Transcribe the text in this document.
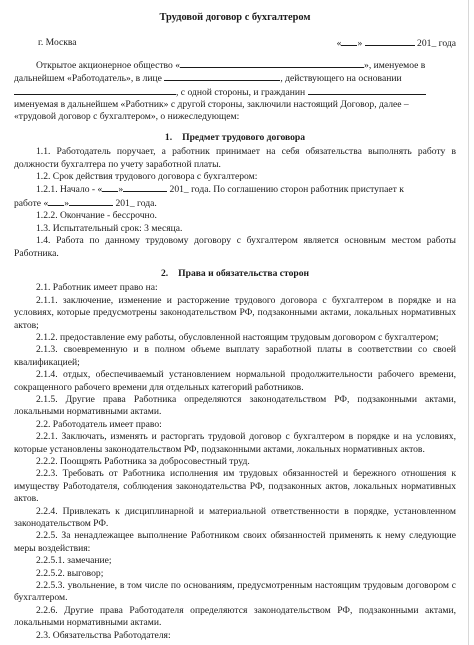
Трудовой договор с бухгалтером
г. Москва	« »	201_ года

Открытое акционерное общество «	», именуемое в

дальнейшем «Работодатель», в лице	, действующего на основании

, с одной стороны, и гражданин

именуемая в дальнейшем «Работник» с другой стороны, заключили настоящий Договор, далее –

«трудовой договор с бухгалтером», о нижеследующем:

1. Предмет трудового договора

1.1. Работодатель поручает, а работник принимает на себя обязательства выполнять работу в должности бухгалтера по учету заработной платы.

1.2. Срок действия трудового договора с бухгалтером:

1.2.1. Начало - « »	201_ года. По соглашению сторон работник приступает к

работе « »	201_ года.

1.2.2. Окончание - бессрочно.

1.3. Испытательный срок: 3 месяца.

1.4. Работа по данному трудовому договору с бухгалтером является основным местом работы Работника.

2. Права и обязательства сторон

2.1. Работник имеет право на:

2.1.1. заключение, изменение и расторжение трудового договора с бухгалтером в порядке и на условиях, которые предусмотрены законодательством РФ, подзаконными актами, локальных нормативных актов;

2.1.2. предоставление ему работы, обусловленной настоящим трудовым договором с бухгалтером;

2.1.3. своевременную и в полном объеме выплату заработной платы в соответствии со своей квалификацией;

2.1.4. отдых, обеспечиваемый установлением нормальной продолжительности рабочего времени, сокращенного рабочего времени для отдельных категорий работников.

2.1.5. Другие права Работника определяются законодательством РФ, подзаконными актами, локальными нормативными актами.

2.2. Работодатель имеет право:

2.2.1. Заключать, изменять и расторгать трудовой договор с бухгалтером в порядке и на условиях, которые установлены законодательством РФ, подзаконными актами, локальных нормативных актов.

2.2.2. Поощрять Работника за добросовестный труд.

2.2.3. Требовать от Работника исполнения им трудовых обязанностей и бережного отношения к имуществу Работодателя, соблюдения законодательства РФ, подзаконных актов, локальных нормативных актов.

2.2.4. Привлекать к дисциплинарной и материальной ответственности в порядке, установленном законодательством РФ.

2.2.5. За ненадлежащее выполнение Работником своих обязанностей применять к нему следующие меры воздействия:

2.2.5.1. замечание;

2.2.5.2. выговор;

2.2.5.3. увольнение, в том числе по основаниям, предусмотренным настоящим трудовым договором с бухгалтером.

2.2.6. Другие права Работодателя определяются законодательством РФ, подзаконными актами, локальными нормативными актами.

2.3. Обязательства Работодателя:
